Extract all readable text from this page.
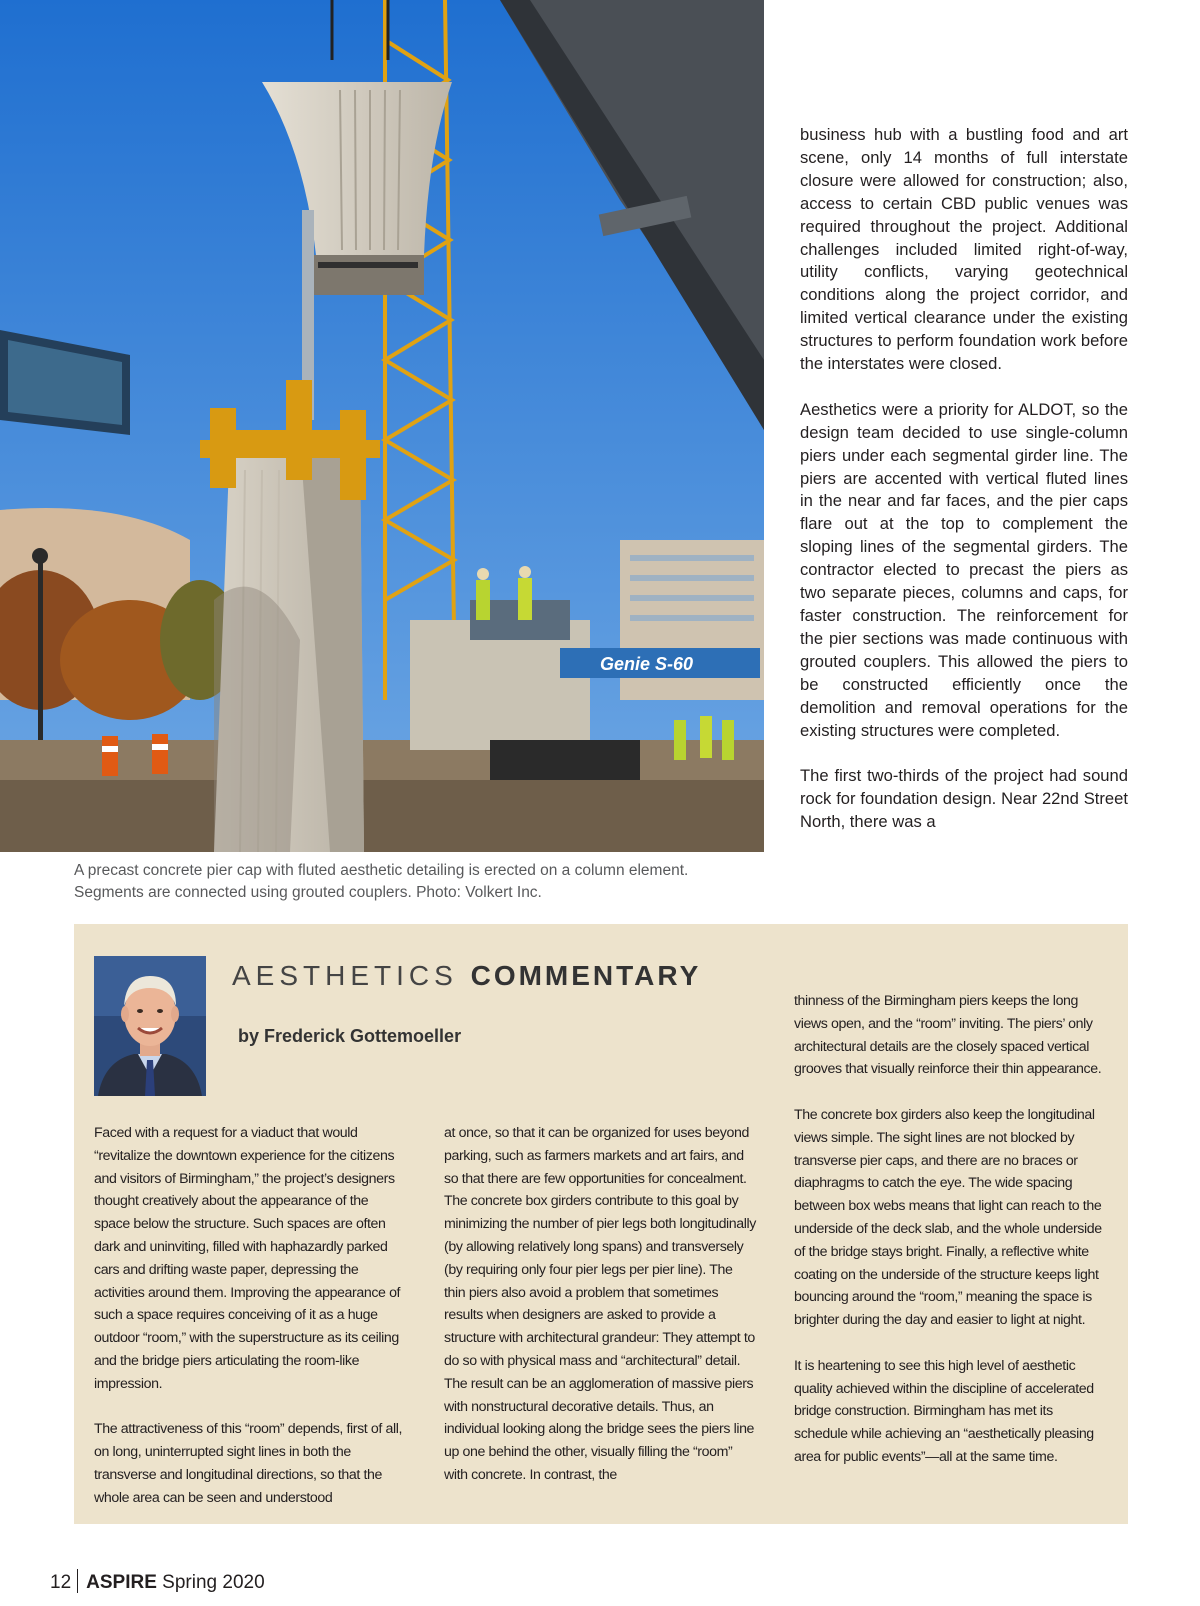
Genie S-60

A precast concrete pier cap with fluted aesthetic detailing is erected on a column element. Segments are connected using grouted couplers. Photo: Volkert Inc.

business hub with a bustling food and art scene, only 14 months of full interstate closure were allowed for construction; also, access to certain CBD public venues was required throughout the project. Additional challenges included limited right-of-way, utility conflicts, varying geotechnical conditions along the project corridor, and limited vertical clearance under the existing structures to perform foundation work before the interstates were closed.

Aesthetics were a priority for ALDOT, so the design team decided to use single-column piers under each segmental girder line. The piers are accented with vertical fluted lines in the near and far faces, and the pier caps flare out at the top to complement the sloping lines of the segmental girders. The contractor elected to precast the piers as two separate pieces, columns and caps, for faster construction. The reinforcement for the pier sections was made continuous with grouted couplers. This allowed the piers to be constructed efficiently once the demolition and removal operations for the existing structures were completed.

The first two-thirds of the project had sound rock for foundation design. Near 22nd Street North, there was a

AESTHETICS COMMENTARY

by Frederick Gottemoeller

Faced with a request for a viaduct that would “revitalize the downtown experience for the citizens and visitors of Birmingham,” the project’s designers thought creatively about the appearance of the space below the structure. Such spaces are often dark and uninviting, filled with haphazardly parked cars and drifting waste paper, depressing the activities around them. Improving the appearance of such a space requires conceiving of it as a huge outdoor “room,” with the superstructure as its ceiling and the bridge piers articulating the room-like impression.

The attractiveness of this “room” depends, first of all, on long, uninterrupted sight lines in both the transverse and longitudinal directions, so that the whole area can be seen and understood

at once, so that it can be organized for uses beyond parking, such as farmers markets and art fairs, and so that there are few opportunities for concealment. The concrete box girders contribute to this goal by minimizing the number of pier legs both longitudinally (by allowing relatively long spans) and transversely (by requiring only four pier legs per pier line). The thin piers also avoid a problem that sometimes results when designers are asked to provide a structure with architectural grandeur: They attempt to do so with physical mass and “architectural” detail. The result can be an agglomeration of massive piers with nonstructural decorative details. Thus, an individual looking along the bridge sees the piers line up one behind the other, visually filling the “room” with concrete. In contrast, the

thinness of the Birmingham piers keeps the long views open, and the “room” inviting. The piers’ only architectural details are the closely spaced vertical grooves that visually reinforce their thin appearance.

The concrete box girders also keep the longitudinal views simple. The sight lines are not blocked by transverse pier caps, and there are no braces or diaphragms to catch the eye. The wide spacing between box webs means that light can reach to the underside of the deck slab, and the whole underside of the bridge stays bright. Finally, a reflective white coating on the underside of the structure keeps light bouncing around the “room,” meaning the space is brighter during the day and easier to light at night.

It is heartening to see this high level of aesthetic quality achieved within the discipline of accelerated bridge construction. Birmingham has met its schedule while achieving an “aesthetically pleasing area for public events”—all at the same time.

12 ASPIRE Spring 2020
